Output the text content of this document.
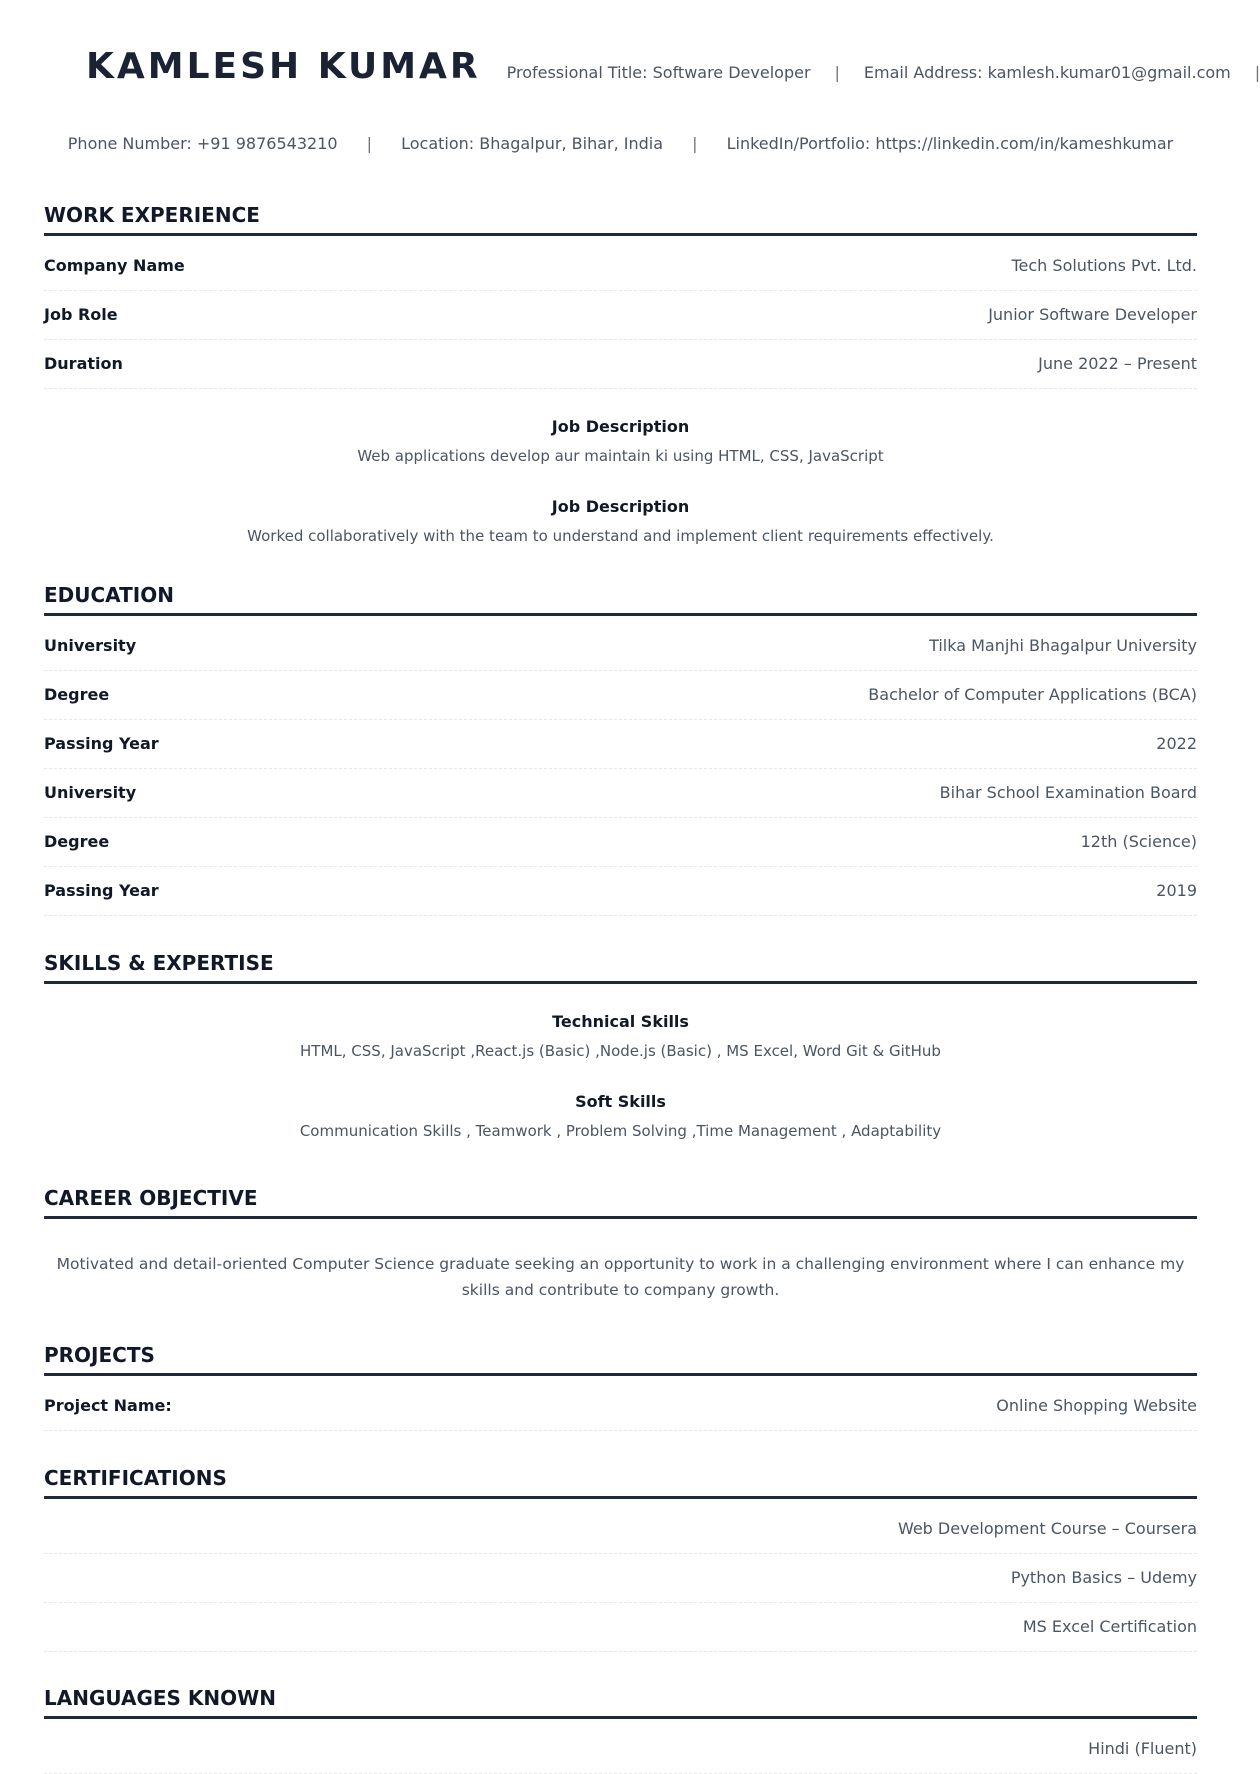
KAMLESH KUMAR Professional Title: Software Developer | Email Address: kamlesh.kumar01@gmail.com |
Phone Number: +91 9876543210 | Location: Bhagalpur, Bihar, India | LinkedIn/Portfolio: https://linkedin.com/in/kameshkumar
WORK EXPERIENCE
Company Name	Tech Solutions Pvt. Ltd.
Job Role	Junior Software Developer
Duration	June 2022 – Present
Job Description
Web applications develop aur maintain ki using HTML, CSS, JavaScript
Job Description
Worked collaboratively with the team to understand and implement client requirements effectively.
EDUCATION
University	Tilka Manjhi Bhagalpur University
Degree	Bachelor of Computer Applications (BCA)
Passing Year	2022
University	Bihar School Examination Board
Degree	12th (Science)
Passing Year	2019
SKILLS & EXPERTISE
Technical Skills
HTML, CSS, JavaScript ,React.js (Basic) ,Node.js (Basic) , MS Excel, Word Git & GitHub
Soft Skills
Communication Skills , Teamwork , Problem Solving ,Time Management , Adaptability
CAREER OBJECTIVE
Motivated and detail-oriented Computer Science graduate seeking an opportunity to work in a challenging environment where I can enhance my skills and contribute to company growth.
PROJECTS
Project Name:	Online Shopping Website
CERTIFICATIONS
Web Development Course – Coursera
Python Basics – Udemy
MS Excel Certification
LANGUAGES KNOWN
Hindi (Fluent)
